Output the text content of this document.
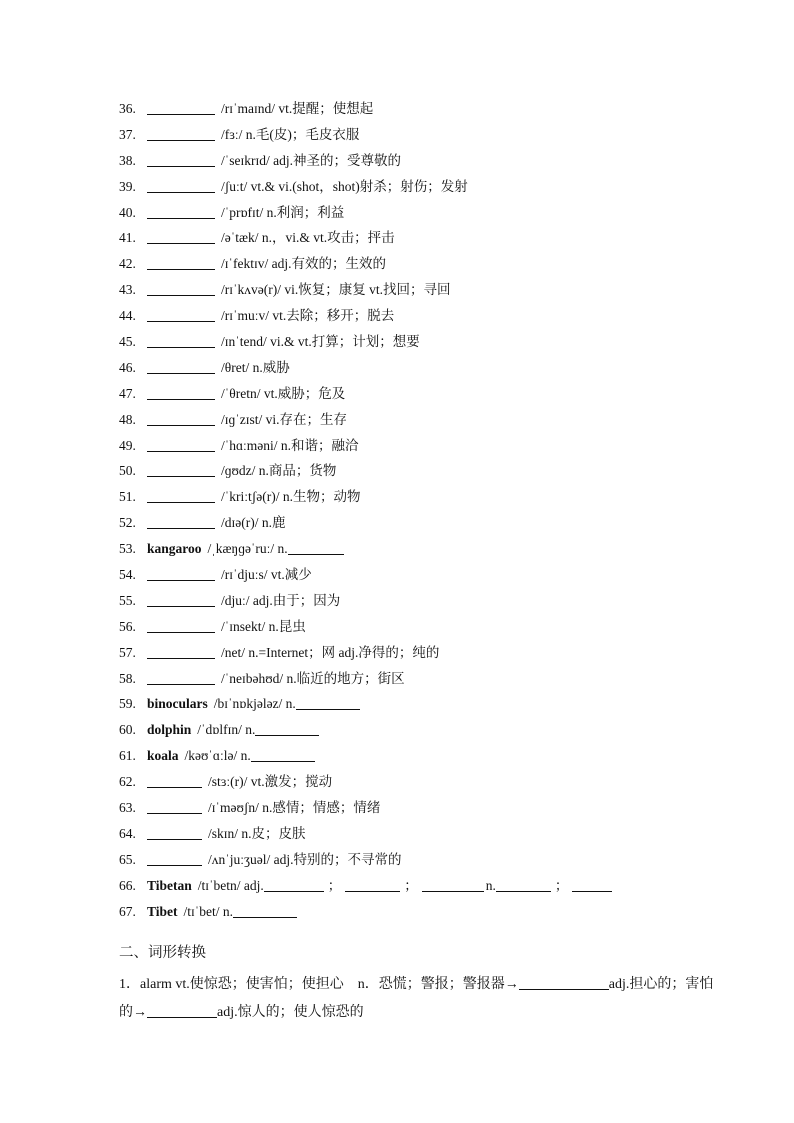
36.	/rɪˈmaɪnd/ vt.提醒；使想起
37.	/fɜː/ n.毛(皮)；毛皮衣服
38.	/ˈseɪkrɪd/ adj.神圣的；受尊敬的
39.	/ʃuːt/ vt.& vi.(shot，shot)射杀；射伤；发射
40.	/ˈprɒfɪt/ n.利润；利益
41.	/əˈtæk/ n.，vi.& vt.攻击；抨击
42.	/ɪˈfektɪv/ adj.有效的；生效的
43.	/rɪˈkʌvə(r)/ vi.恢复；康复 vt.找回；寻回
44.	/rɪˈmuːv/ vt.去除；移开；脱去
45.	/ɪnˈtend/ vi.& vt.打算；计划；想要
46.	/θret/ n.威胁
47.	/ˈθretn/ vt.威胁；危及
48.	/ɪɡˈzɪst/ vi.存在；生存
49.	/ˈhɑːməni/ n.和谐；融洽
50.	/ɡʊdz/ n.商品；货物
51.	/ˈkriːtʃə(r)/ n.生物；动物
52.	/dɪə(r)/ n.鹿
53. kangaroo /ˌkæŋɡəˈruː/ n.
54.	/rɪˈdjuːs/ vt.减少
55.	/djuː/ adj.由于；因为
56.	/ˈɪnsekt/ n.昆虫
57.	/net/ n.=Internet；网 adj.净得的；纯的
58.	/ˈneɪbəhʊd/ n.临近的地方；街区
59. binoculars /bɪˈnɒkjələz/ n.
60. dolphin /ˈdɒlfɪn/ n.
61. koala /kəʊˈɑːlə/ n.
62.	/stɜː(r)/ vt.激发；搅动
63.	/ɪˈməʊʃn/ n.感情；情感；情绪
64.	/skɪn/ n.皮；皮肤
65.	/ʌnˈjuːʒuəl/ adj.特别的；不寻常的
66. Tibetan /tɪˈbetn/ adj.	；	；	n.	；
67. Tibet /tɪˈbet/ n.
二、词形转换
1．alarm vt.使惊恐；使害怕；使担心　n．恐慌；警报；警报器→	adj.担心的；害怕的→	adj.惊人的；使人惊恐的
